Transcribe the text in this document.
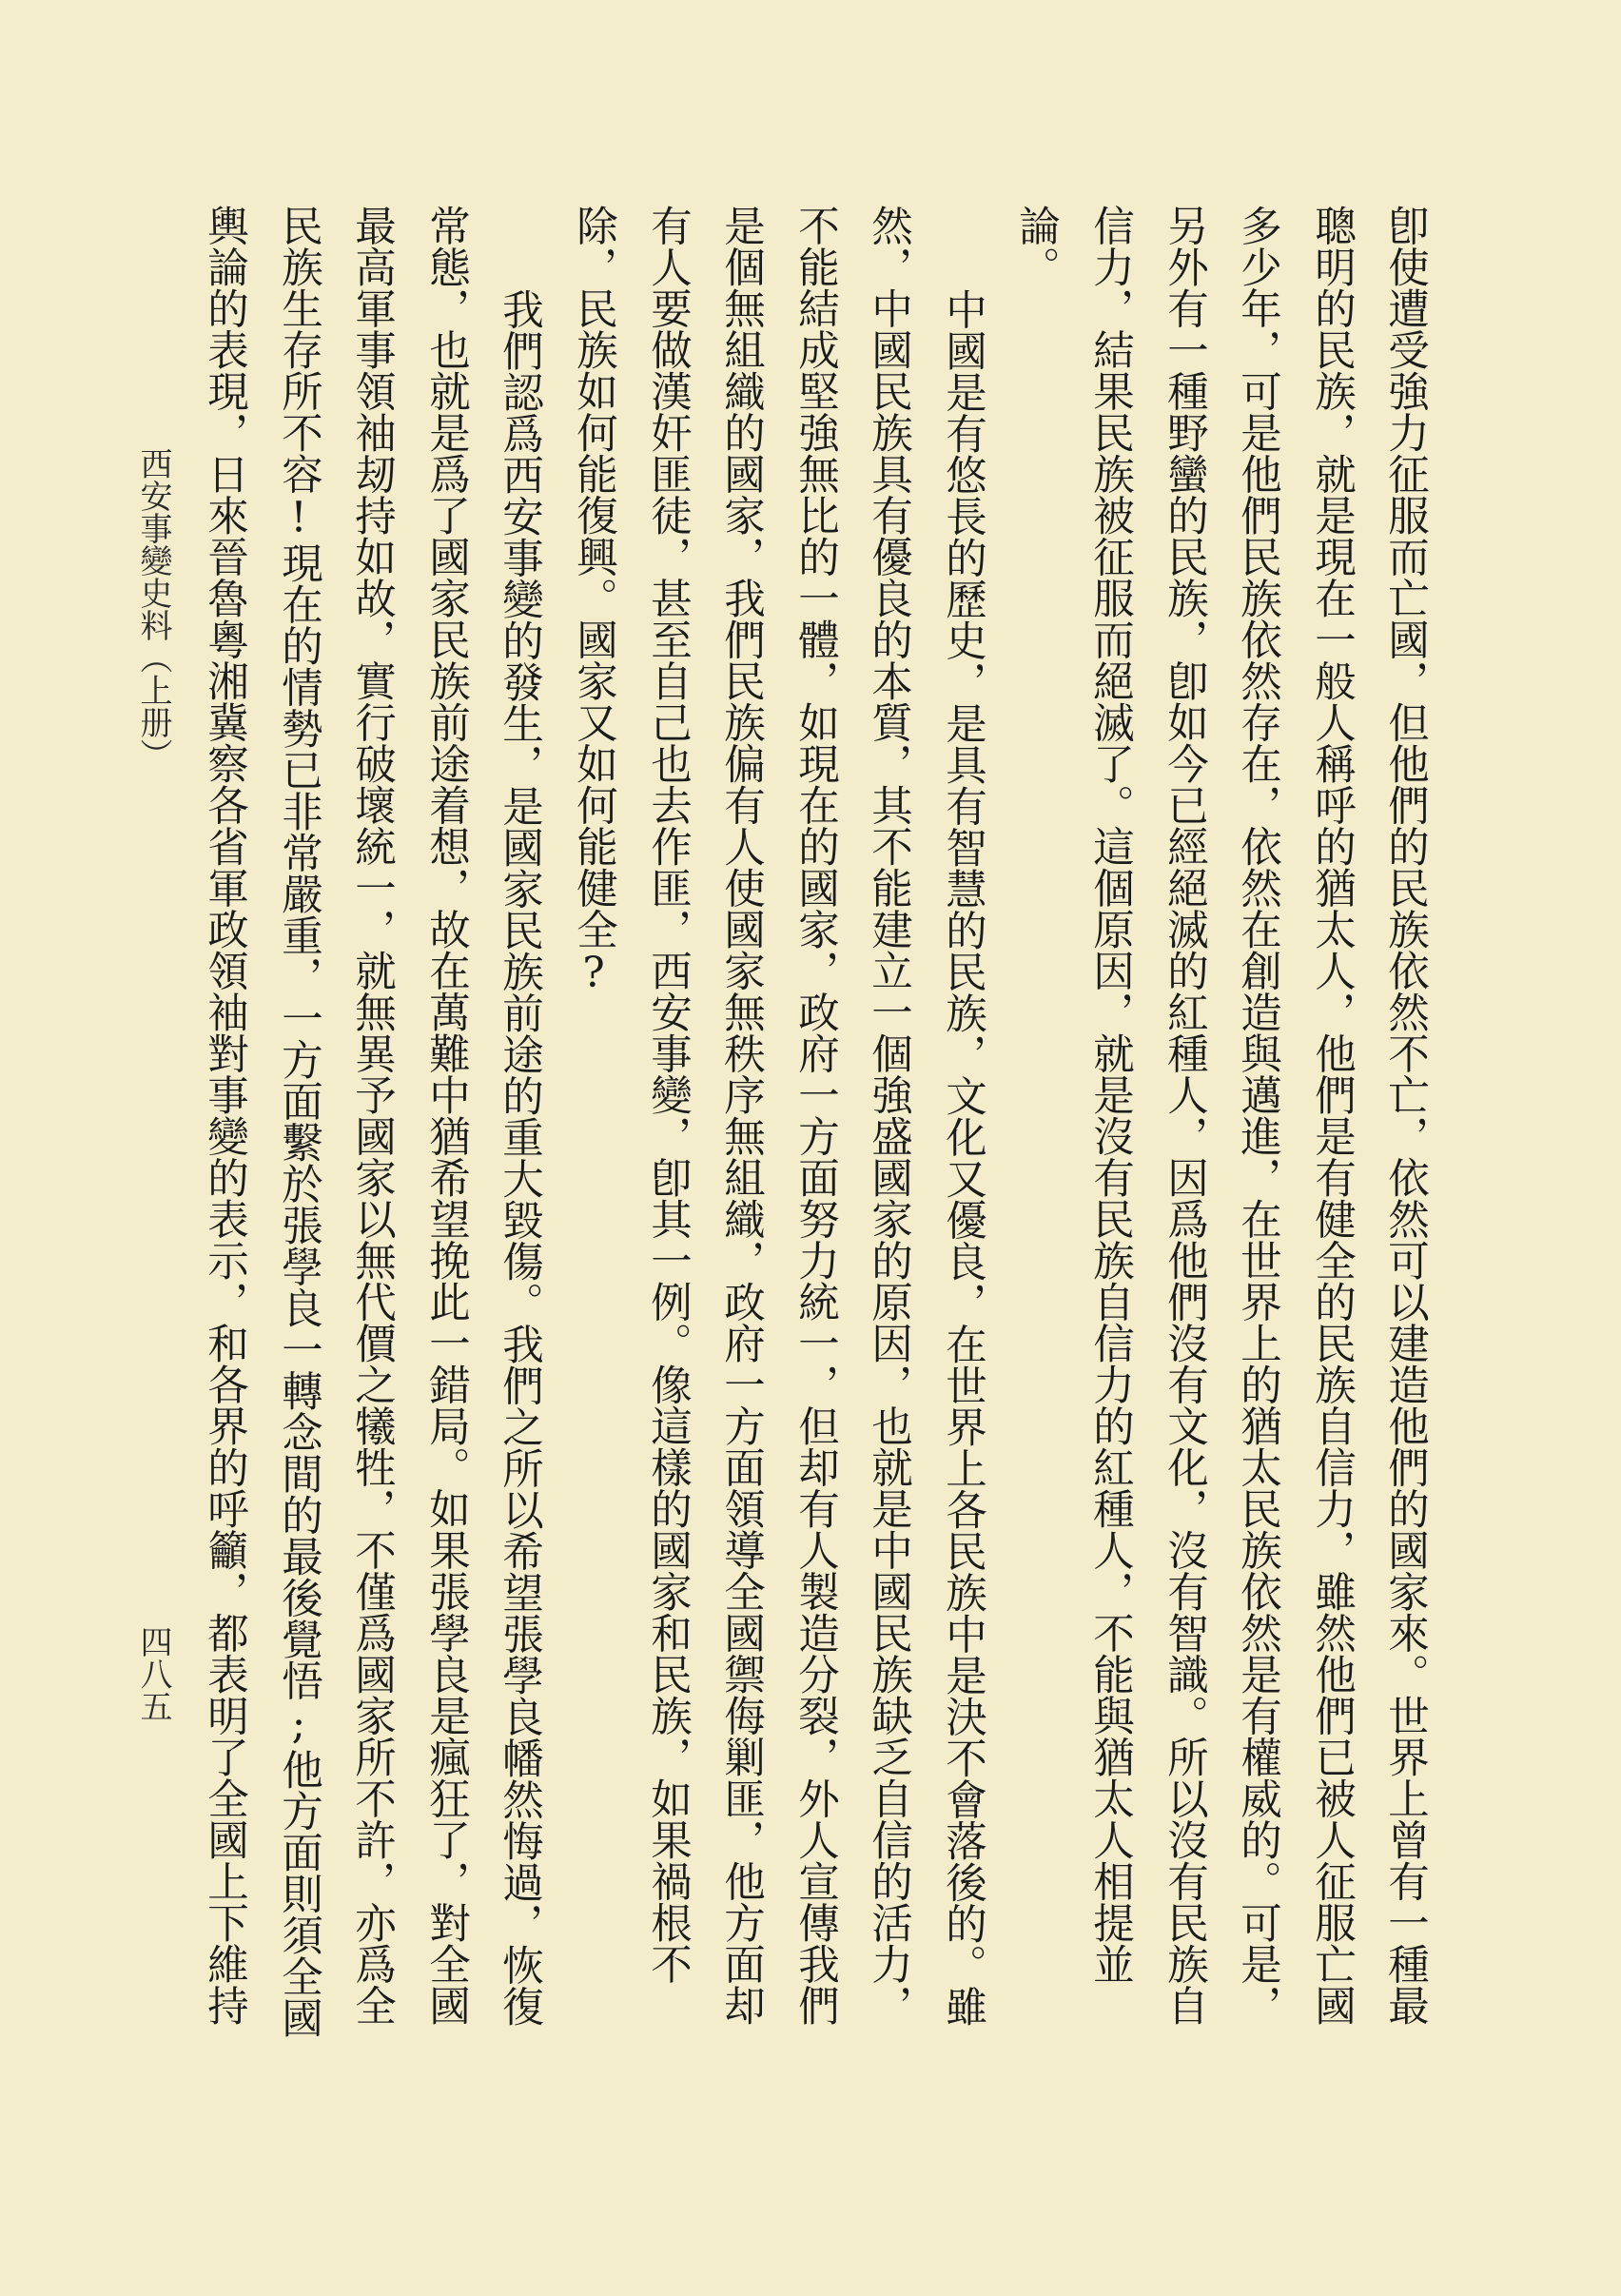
卽使遭受強力征服而亡國，但他們的民族依然不亡，依然可以建造他們的國家來。世界上曾有一種最
聰明的民族，就是現在一般人稱呼的猶太人，他們是有健全的民族自信力，雖然他們已被人征服亡國
多少年，可是他們民族依然存在，依然在創造與邁進，在世界上的猶太民族依然是有權威的。可是，
另外有一種野蠻的民族，卽如今已經絕滅的紅種人，因爲他們沒有文化，沒有智識。所以沒有民族自
信力，結果民族被征服而絕滅了。這個原因，就是沒有民族自信力的紅種人，不能與猶太人相提並
論。
中國是有悠長的歷史，是具有智慧的民族，文化又優良，在世界上各民族中是決不會落後的。雖
然，中國民族具有優良的本質，其不能建立一個強盛國家的原因，也就是中國民族缺乏自信的活力，
不能結成堅強無比的一體，如現在的國家，政府一方面努力統一，但却有人製造分裂，外人宣傳我們
是個無組織的國家，我們民族偏有人使國家無秩序無組織，政府一方面領導全國禦侮剿匪，他方面却
有人要做漢奸匪徒，甚至自己也去作匪，西安事變，卽其一例。像這樣的國家和民族，如果禍根不
除，民族如何能復興。國家又如何能健全?
我們認爲西安事變的發生，是國家民族前途的重大毀傷。我們之所以希望張學良幡然悔過，恢復
常態，也就是爲了國家民族前途着想，故在萬難中猶希望挽此一錯局。如果張學良是瘋狂了，對全國
最高軍事領袖刼持如故，實行破壞統一，就無異予國家以無代價之犧牲，不僅爲國家所不許，亦爲全
民族生存所不容!現在的情勢已非常嚴重，一方面繫於張學良一轉念間的最後覺悟;他方面則須全國
輿論的表現，日來晉魯粵湘冀察各省軍政領袖對事變的表示，和各界的呼籲，都表明了全國上下維持
西安事變史料（上册）
四八五
